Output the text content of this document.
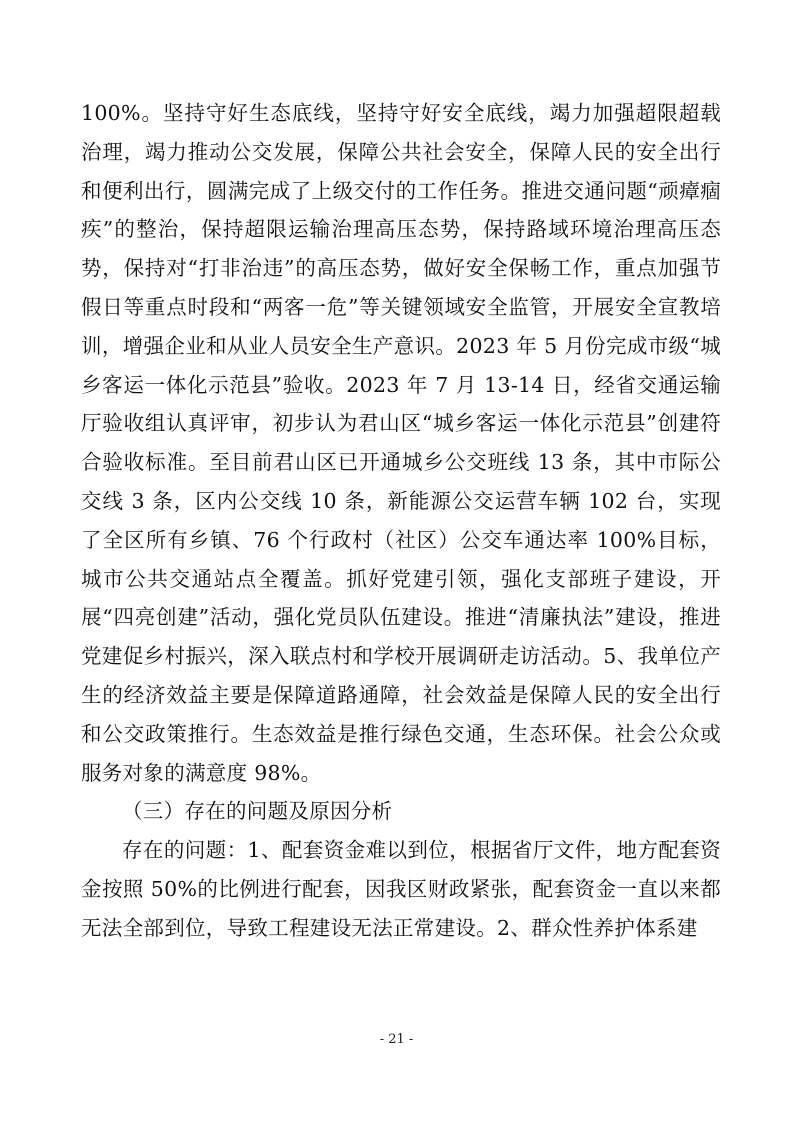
100%。坚持守好生态底线，坚持守好安全底线，竭力加强超限超载治理，竭力推动公交发展，保障公共社会安全，保障人民的安全出行和便利出行，圆满完成了上级交付的工作任务。推进交通问题“顽瘴痼疾”的整治，保持超限运输治理高压态势，保持路域环境治理高压态势，保持对“打非治违”的高压态势，做好安全保畅工作，重点加强节假日等重点时段和“两客一危”等关键领域安全监管，开展安全宣教培训，增强企业和从业人员安全生产意识。2023 年 5 月份完成市级“城乡客运一体化示范县”验收。2023 年 7 月 13-14 日，经省交通运输厅验收组认真评审，初步认为君山区“城乡客运一体化示范县”创建符合验收标准。至目前君山区已开通城乡公交班线 13 条，其中市际公交线 3 条，区内公交线 10 条，新能源公交运营车辆 102 台，实现了全区所有乡镇、76 个行政村（社区）公交车通达率 100%目标，城市公共交通站点全覆盖。抓好党建引领，强化支部班子建设，开展“四亮创建”活动，强化党员队伍建设。推进“清廉执法”建设，推进党建促乡村振兴，深入联点村和学校开展调研走访活动。5、我单位产生的经济效益主要是保障道路通障，社会效益是保障人民的安全出行和公交政策推行。生态效益是推行绿色交通，生态环保。社会公众或服务对象的满意度 98%。

（三）存在的问题及原因分析

存在的问题：1、配套资金难以到位，根据省厅文件，地方配套资金按照 50%的比例进行配套，因我区财政紧张，配套资金一直以来都无法全部到位，导致工程建设无法正常建设。2、群众性养护体系建

- 21 -
